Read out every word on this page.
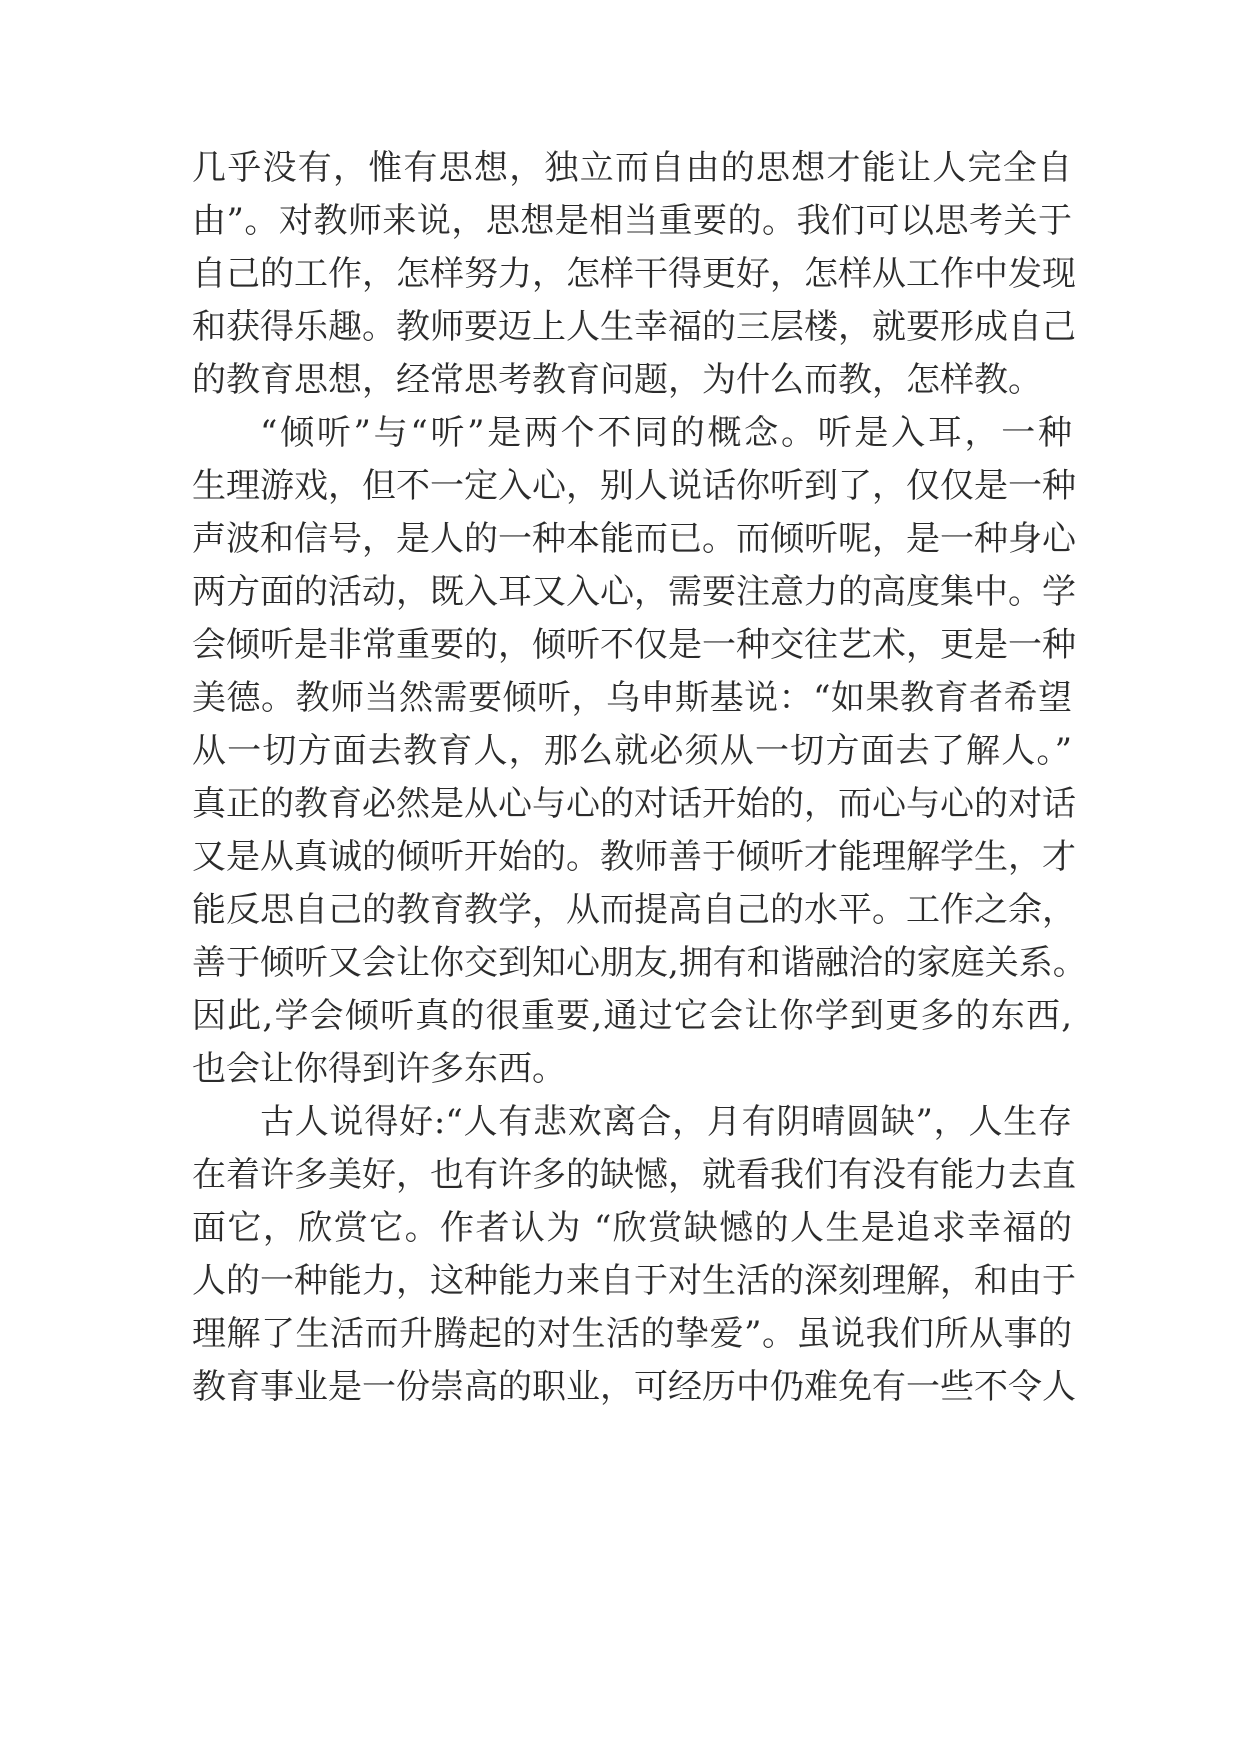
几乎没有，惟有思想，独立而自由的思想才能让人完全自
由”。对教师来说，思想是相当重要的。我们可以思考关于
自己的工作，怎样努力，怎样干得更好，怎样从工作中发现
和获得乐趣。教师要迈上人生幸福的三层楼，就要形成自己
的教育思想，经常思考教育问题，为什么而教，怎样教。
“倾听”与“听”是两个不同的概念。听是入耳，一种
生理游戏，但不一定入心，别人说话你听到了，仅仅是一种
声波和信号，是人的一种本能而已。而倾听呢，是一种身心
两方面的活动，既入耳又入心，需要注意力的高度集中。学
会倾听是非常重要的，倾听不仅是一种交往艺术，更是一种
美德。教师当然需要倾听，乌申斯基说：“如果教育者希望
从一切方面去教育人，那么就必须从一切方面去了解人。”
真正的教育必然是从心与心的对话开始的，而心与心的对话
又是从真诚的倾听开始的。教师善于倾听才能理解学生，才
能反思自己的教育教学，从而提高自己的水平。工作之余，
善于倾听又会让你交到知心朋友,拥有和谐融洽的家庭关系。
因此,学会倾听真的很重要,通过它会让你学到更多的东西,
也会让你得到许多东西。
古人说得好:“人有悲欢离合，月有阴晴圆缺”，人生存
在着许多美好，也有许多的缺憾，就看我们有没有能力去直
面它，欣赏它。作者认为 “欣赏缺憾的人生是追求幸福的
人的一种能力，这种能力来自于对生活的深刻理解，和由于
理解了生活而升腾起的对生活的挚爱”。虽说我们所从事的
教育事业是一份崇高的职业，可经历中仍难免有一些不令人
